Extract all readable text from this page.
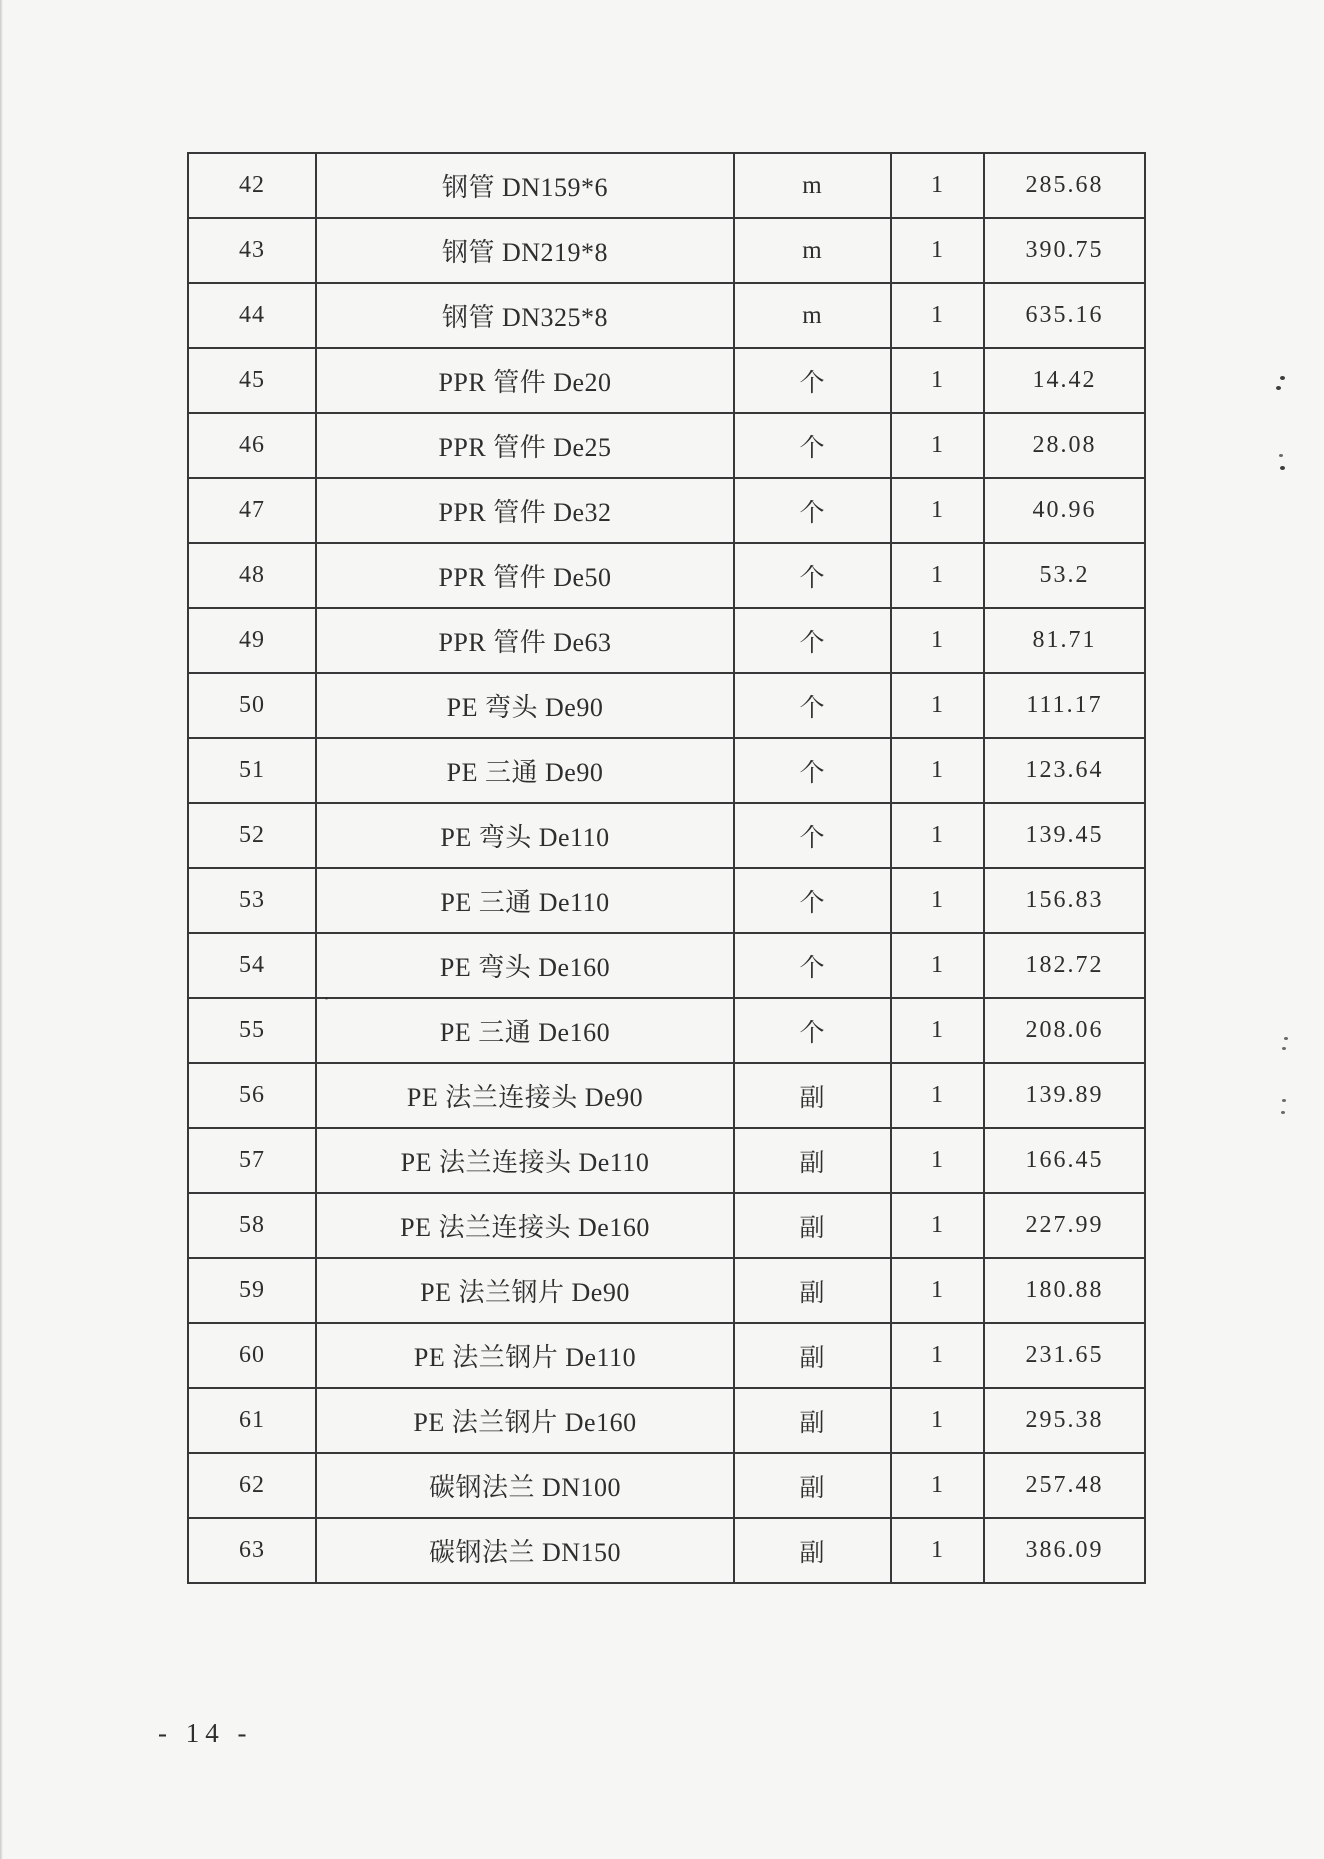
42	钢管 DN159*6	m	1	285.68
43	钢管 DN219*8	m	1	390.75
44	钢管 DN325*8	m	1	635.16
45	PPR 管件 De20	个	1	14.42
46	PPR 管件 De25	个	1	28.08
47	PPR 管件 De32	个	1	40.96
48	PPR 管件 De50	个	1	53.2
49	PPR 管件 De63	个	1	81.71
50	PE 弯头 De90	个	1	111.17
51	PE 三通 De90	个	1	123.64
52	PE 弯头 De110	个	1	139.45
53	PE 三通 De110	个	1	156.83
54	PE 弯头 De160	个	1	182.72
55	PE 三通 De160	个	1	208.06
56	PE 法兰连接头 De90	副	1	139.89
57	PE 法兰连接头 De110	副	1	166.45
58	PE 法兰连接头 De160	副	1	227.99
59	PE 法兰钢片 De90	副	1	180.88
60	PE 法兰钢片 De110	副	1	231.65
61	PE 法兰钢片 De160	副	1	295.38
62	碳钢法兰 DN100	副	1	257.48
63	碳钢法兰 DN150	副	1	386.09
- 14 -
